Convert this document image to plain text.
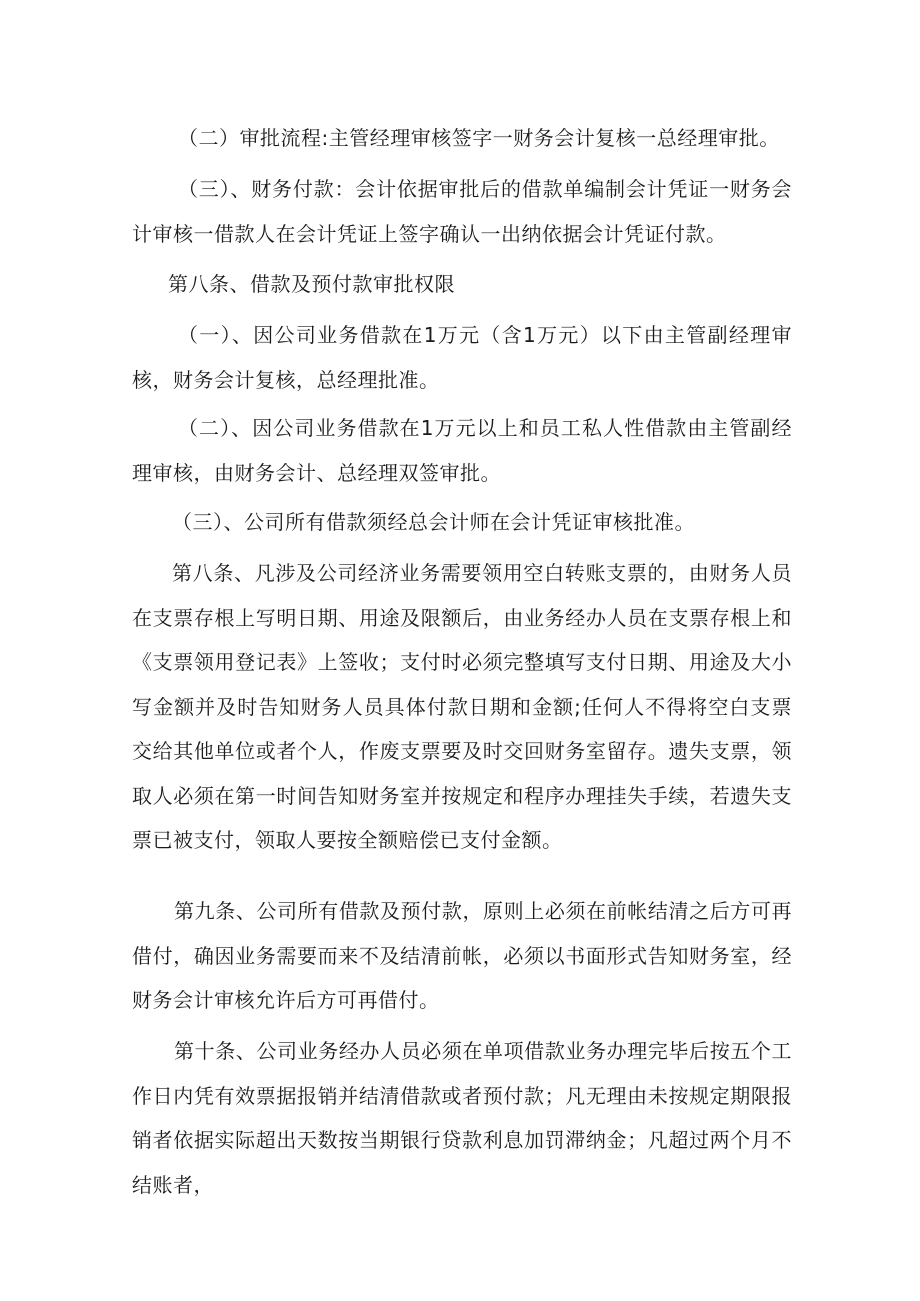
（二）审批流程:主管经理审核签字一财务会计复核一总经理审批。

（三）、财务付款：会计依据审批后的借款单编制会计凭证一财务会计审核一借款人在会计凭证上签字确认一出纳依据会计凭证付款。

第八条、借款及预付款审批权限

（一）、因公司业务借款在1万元（含1万元）以下由主管副经理审核，财务会计复核，总经理批准。

（二）、因公司业务借款在1万元以上和员工私人性借款由主管副经理审核，由财务会计、总经理双签审批。

（三）、公司所有借款须经总会计师在会计凭证审核批准。

第八条、凡涉及公司经济业务需要领用空白转账支票的，由财务人员在支票存根上写明日期、用途及限额后，由业务经办人员在支票存根上和《支票领用登记表》上签收；支付时必须完整填写支付日期、用途及大小写金额并及时告知财务人员具体付款日期和金额;任何人不得将空白支票交给其他单位或者个人，作废支票要及时交回财务室留存。遗失支票，领取人必须在第一时间告知财务室并按规定和程序办理挂失手续，若遗失支票已被支付，领取人要按全额赔偿已支付金额。

第九条、公司所有借款及预付款，原则上必须在前帐结清之后方可再借付，确因业务需要而来不及结清前帐，必须以书面形式告知财务室，经财务会计审核允许后方可再借付。

第十条、公司业务经办人员必须在单项借款业务办理完毕后按五个工作日内凭有效票据报销并结清借款或者预付款；凡无理由未按规定期限报销者依据实际超出天数按当期银行贷款利息加罚滞纳金；凡超过两个月不结账者，
